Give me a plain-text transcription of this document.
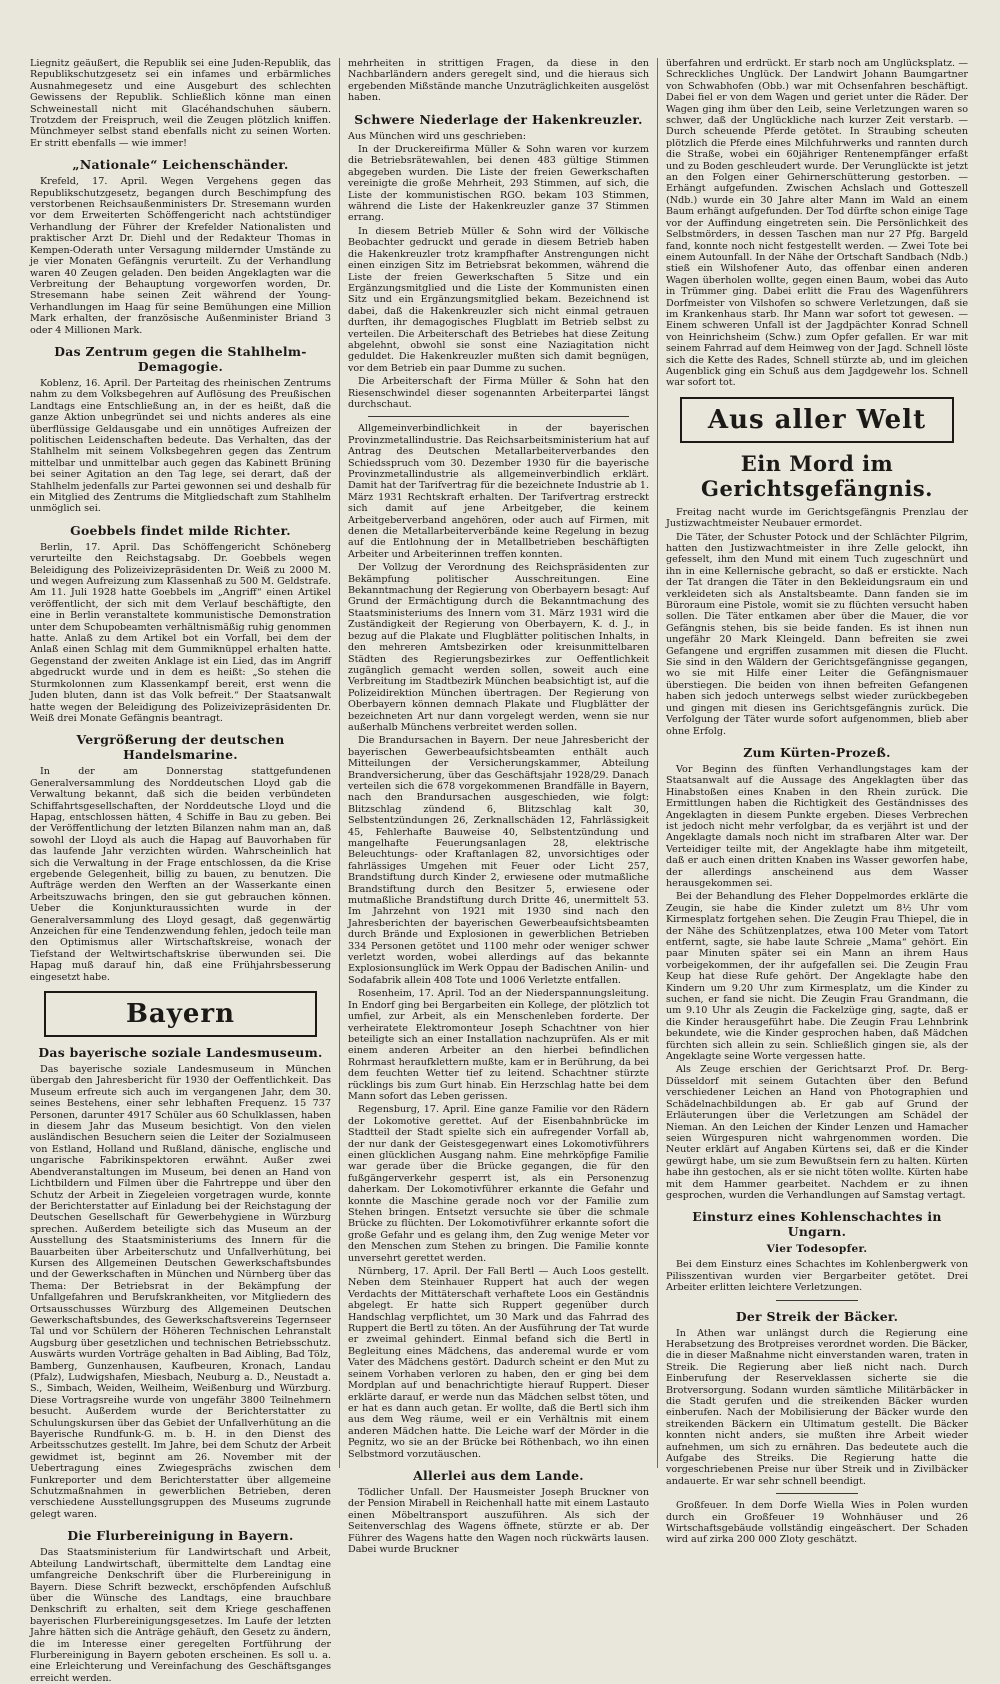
Liegnitz geäußert, die Republik sei eine Juden-Republik, das Republikschutzgesetz sei ein infames und erbärmliches Ausnahmegesetz und eine Ausgeburt des schlechten Gewissens der Republik. Schließlich könne man einen Schweinestall nicht mit Glacéhandschuhen säubern. Trotzdem der Freispruch, weil die Zeugen plötzlich kniffen. Münchmeyer selbst stand ebenfalls nicht zu seinen Worten. Er stritt ebenfalls — wie immer!

„Nationale“ Leichenschänder.

Krefeld, 17. April. Wegen Vergehens gegen das Republikschutzgesetz, begangen durch Beschimpfung des verstorbenen Reichsaußenministers Dr. Stresemann wurden vor dem Erweiterten Schöffengericht nach achtstündiger Verhandlung der Führer der Krefelder Nationalisten und praktischer Arzt Dr. Diehl und der Redakteur Thomas in Kempen-Oderath unter Versagung mildernder Umstände zu je vier Monaten Gefängnis verurteilt. Zu der Verhandlung waren 40 Zeugen geladen. Den beiden Angeklagten war die Verbreitung der Behauptung vorgeworfen worden, Dr. Stresemann habe seinen Zeit während der Young-Verhandlungen im Haag für seine Bemühungen eine Million Mark erhalten, der französische Außenminister Briand 3 oder 4 Millionen Mark.

Das Zentrum gegen die Stahlhelm-Demagogie.

Koblenz, 16. April. Der Parteitag des rheinischen Zentrums nahm zu dem Volksbegehren auf Auflösung des Preußischen Landtags eine Entschließung an, in der es heißt, daß die ganze Aktion unbegründet sei und nichts anderes als eine überflüssige Geldausgabe und ein unnötiges Aufreizen der politischen Leidenschaften bedeute. Das Verhalten, das der Stahlhelm mit seinem Volksbegehren gegen das Zentrum mittelbar und unmittelbar auch gegen das Kabinett Brüning bei seiner Agitation an den Tag lege, sei derart, daß der Stahlhelm jedenfalls zur Partei gewonnen sei und deshalb für ein Mitglied des Zentrums die Mitgliedschaft zum Stahlhelm unmöglich sei.

Goebbels findet milde Richter.

Berlin, 17. April. Das Schöffengericht Schöneberg verurteilte den Reichstagsabg. Dr. Goebbels wegen Beleidigung des Polizeivizepräsidenten Dr. Weiß zu 2000 M. und wegen Aufreizung zum Klassenhaß zu 500 M. Geldstrafe. Am 11. Juli 1928 hatte Goebbels im „Angriff“ einen Artikel veröffentlicht, der sich mit dem Verlauf beschäftigte, den eine in Berlin veranstaltete kommunistische Demonstration unter dem Schupobeamten verhältnismäßig ruhig genommen hatte. Anlaß zu dem Artikel bot ein Vorfall, bei dem der Anlaß einen Schlag mit dem Gummiknüppel erhalten hatte. Gegenstand der zweiten Anklage ist ein Lied, das im Angriff abgedruckt wurde und in dem es heißt: „So stehen die Sturmkolonnen zum Klassenkampf bereit, erst wenn die Juden bluten, dann ist das Volk befreit.“ Der Staatsanwalt hatte wegen der Beleidigung des Polizeivizepräsidenten Dr. Weiß drei Monate Gefängnis beantragt.

Vergrößerung der deutschen Handelsmarine.

In der am Donnerstag stattgefundenen Generalversammlung des Norddeutschen Lloyd gab die Verwaltung bekannt, daß sich die beiden verbündeten Schiffahrtsgesellschaften, der Norddeutsche Lloyd und die Hapag, entschlossen hätten, 4 Schiffe in Bau zu geben. Bei der Veröffentlichung der letzten Bilanzen nahm man an, daß sowohl der Lloyd als auch die Hapag auf Bauvorhaben für das laufende Jahr verzichten würden. Wahrscheinlich hat sich die Verwaltung in der Frage entschlossen, da die Krise ergebende Gelegenheit, billig zu bauen, zu benutzen. Die Aufträge werden den Werften an der Wasserkante einen Arbeitszuwachs bringen, den sie gut gebrauchen können. Ueber die Konjunkturaussichten wurde in der Generalversammlung des Lloyd gesagt, daß gegenwärtig Anzeichen für eine Tendenzwendung fehlen, jedoch teile man den Optimismus aller Wirtschaftskreise, wonach der Tiefstand der Weltwirtschaftskrise überwunden sei. Die Hapag muß darauf hin, daß eine Frühjahrsbesserung eingesetzt habe.

Bayern
Das bayerische soziale Landesmuseum.

Das bayerische soziale Landesmuseum in München übergab den Jahresbericht für 1930 der Oeffentlichkeit. Das Museum erfreute sich auch im vergangenen Jahr, dem 30. seines Bestehens, einer sehr lebhaften Frequenz. 15 737 Personen, darunter 4917 Schüler aus 60 Schulklassen, haben in diesem Jahr das Museum besichtigt. Von den vielen ausländischen Besuchern seien die Leiter der Sozialmuseen von Estland, Holland und Rußland, dänische, englische und ungarische Fabrikinspektoren erwähnt. Außer zwei Abendveranstaltungen im Museum, bei denen an Hand von Lichtbildern und Filmen über die Fahrtreppe und über den Schutz der Arbeit in Ziegeleien vorgetragen wurde, konnte der Berichterstatter auf Einladung bei der Reichstagung der Deutschen Gesellschaft für Gewerbehygiene in Würzburg sprechen. Außerdem beteiligte sich das Museum an der Ausstellung des Staatsministeriums des Innern für die Bauarbeiten über Arbeiterschutz und Unfallverhütung, bei Kursen des Allgemeinen Deutschen Gewerkschaftsbundes und der Gewerkschaften in München und Nürnberg über das Thema: Der Betriebsrat in der Bekämpfung der Unfallgefahren und Berufskrankheiten, vor Mitgliedern des Ortsausschusses Würzburg des Allgemeinen Deutschen Gewerkschaftsbundes, des Gewerkschaftsvereins Tegernseer Tal und vor Schülern der Höheren Technischen Lehranstalt Augsburg über gesetzlichen und technischen Betriebsschutz. Auswärts wurden Vorträge gehalten in Bad Aibling, Bad Tölz, Bamberg, Gunzenhausen, Kaufbeuren, Kronach, Landau (Pfalz), Ludwigshafen, Miesbach, Neuburg a. D., Neustadt a. S., Simbach, Weiden, Weilheim, Weißenburg und Würzburg. Diese Vortragsreihe wurde von ungefähr 3800 Teilnehmern besucht. Außerdem wurde der Berichterstatter zu Schulungskursen über das Gebiet der Unfallverhütung an die Bayerische Rundfunk-G. m. b. H. in den Dienst des Arbeitsschutzes gestellt. Im Jahre, bei dem Schutz der Arbeit gewidmet ist, beginnt am 26. November mit der Uebertragung eines Zwiegesprächs zwischen dem Funkreporter und dem Berichterstatter über allgemeine Schutzmaßnahmen in gewerblichen Betrieben, deren verschiedene Ausstellungsgruppen des Museums zugrunde gelegt waren.

Die Flurbereinigung in Bayern.

Das Staatsministerium für Landwirtschaft und Arbeit, Abteilung Landwirtschaft, übermittelte dem Landtag eine umfangreiche Denkschrift über die Flurbereinigung in Bayern. Diese Schrift bezweckt, erschöpfenden Aufschluß über die Wünsche des Landtags, eine brauchbare Denkschrift zu erhalten, seit dem Kriege geschaffenen bayerischen Flurbereinigungsgesetzes. Im Laufe der letzten Jahre hätten sich die Anträge gehäuft, den Gesetz zu ändern, die im Interesse einer geregelten Fortführung der Flurbereinigung in Bayern geboten erscheinen. Es soll u. a. eine Erleichterung und Vereinfachung des Geschäftsganges erreicht werden.

mehrheiten in strittigen Fragen, da diese in den Nachbarländern anders geregelt sind, und die hieraus sich ergebenden Mißstände manche Unzuträglichkeiten ausgelöst haben.

Schwere Niederlage der Hakenkreuzler.

Aus München wird uns geschrieben:

In der Druckereifirma Müller & Sohn waren vor kurzem die Betriebsrätewahlen, bei denen 483 gültige Stimmen abgegeben wurden. Die Liste der freien Gewerkschaften vereinigte die große Mehrheit, 293 Stimmen, auf sich, die Liste der kommunistischen RGO. bekam 103 Stimmen, während die Liste der Hakenkreuzler ganze 37 Stimmen errang.

In diesem Betrieb Müller & Sohn wird der Völkische Beobachter gedruckt und gerade in diesem Betrieb haben die Hakenkreuzler trotz krampfhafter Anstrengungen nicht einen einzigen Sitz im Betriebsrat bekommen, während die Liste der freien Gewerkschaften 5 Sitze und ein Ergänzungsmitglied und die Liste der Kommunisten einen Sitz und ein Ergänzungsmitglied bekam. Bezeichnend ist dabei, daß die Hakenkreuzler sich nicht einmal getrauen durften, ihr demagogisches Flugblatt im Betrieb selbst zu verteilen. Die Arbeiterschaft des Betriebes hat diese Zeitung abgelehnt, obwohl sie sonst eine Naziagitation nicht geduldet. Die Hakenkreuzler mußten sich damit begnügen, vor dem Betrieb ein paar Dumme zu suchen.

Die Arbeiterschaft der Firma Müller & Sohn hat den Riesenschwindel dieser sogenannten Arbeiterpartei längst durchschaut.

Allgemeinverbindlichkeit in der bayerischen Provinzmetallindustrie. Das Reichsarbeitsministerium hat auf Antrag des Deutschen Metallarbeiterverbandes den Schiedsspruch vom 30. Dezember 1930 für die bayerische Provinzmetallindustrie als allgemeinverbindlich erklärt. Damit hat der Tarifvertrag für die bezeichnete Industrie ab 1. März 1931 Rechtskraft erhalten. Der Tarifvertrag erstreckt sich damit auf jene Arbeitgeber, die keinem Arbeitgeberverband angehören, oder auch auf Firmen, mit denen die Metallarbeiterverbände keine Regelung in bezug auf die Entlohnung der in Metallbetrieben beschäftigten Arbeiter und Arbeiterinnen treffen konnten.

Der Vollzug der Verordnung des Reichspräsidenten zur Bekämpfung politischer Ausschreitungen. Eine Bekanntmachung der Regierung von Oberbayern besagt: Auf Grund der Ermächtigung durch die Bekanntmachung des Staatsministeriums des Innern vom 31. März 1931 wird die Zuständigkeit der Regierung von Oberbayern, K. d. J., in bezug auf die Plakate und Flugblätter politischen Inhalts, in den mehreren Amtsbezirken oder kreisunmittelbaren Städten des Regierungsbezirkes zur Oeffentlichkeit zugänglich gemacht werden sollen, soweit auch eine Verbreitung im Stadtbezirk München beabsichtigt ist, auf die Polizeidirektion München übertragen. Der Regierung von Oberbayern können demnach Plakate und Flugblätter der bezeichneten Art nur dann vorgelegt werden, wenn sie nur außerhalb Münchens verbreitet werden sollen.

Die Brandursachen in Bayern. Der neue Jahresbericht der bayerischen Gewerbeaufsichtsbeamten enthält auch Mitteilungen der Versicherungskammer, Abteilung Brandversicherung, über das Geschäftsjahr 1928/29. Danach verteilen sich die 678 vorgekommenen Brandfälle in Bayern, nach den Brandursachen ausgeschieden, wie folgt: Blitzschlag zündend 6, Blitzschlag kalt 30, Selbstentzündungen 26, Zerknallschäden 12, Fahrlässigkeit 45, Fehlerhafte Bauweise 40, Selbstentzündung und mangelhafte Feuerungsanlagen 28, elektrische Beleuchtungs- oder Kraftanlagen 82, unvorsichtiges oder fahrlässiges Umgehen mit Feuer oder Licht 257, Brandstiftung durch Kinder 2, erwiesene oder mutmaßliche Brandstiftung durch den Besitzer 5, erwiesene oder mutmaßliche Brandstiftung durch Dritte 46, unermittelt 53. Im Jahrzehnt von 1921 mit 1930 sind nach den Jahresberichten der bayerischen Gewerbeaufsichtsbeamten durch Brände und Explosionen in gewerblichen Betrieben 334 Personen getötet und 1100 mehr oder weniger schwer verletzt worden, wobei allerdings auf das bekannte Explosionsunglück im Werk Oppau der Badischen Anilin- und Sodafabrik allein 408 Tote und 1006 Verletzte entfallen.

Rosenheim, 17. April. Tod an der Niederspannungsleitung. In Endorf ging bei Bergarbeiten ein Kollege, der plötzlich tot umfiel, zur Arbeit, als ein Menschenleben forderte. Der verheiratete Elektromonteur Joseph Schachtner von hier beteiligte sich an einer Installation nachzuprüfen. Als er mit einem anderen Arbeiter an den hierbei befindlichen Rohrmast heraufklettern mußte, kam er in Berührung, da bei dem feuchten Wetter tief zu leitend. Schachtner stürzte rücklings bis zum Gurt hinab. Ein Herzschlag hatte bei dem Mann sofort das Leben gerissen.

Regensburg, 17. April. Eine ganze Familie vor den Rädern der Lokomotive gerettet. Auf der Eisenbahnbrücke im Stadtteil der Stadt spielte sich ein aufregender Vorfall ab, der nur dank der Geistesgegenwart eines Lokomotivführers einen glücklichen Ausgang nahm. Eine mehrköpfige Familie war gerade über die Brücke gegangen, die für den fußgängerverkehr gesperrt ist, als ein Personenzug daherkam. Der Lokomotivführer erkannte die Gefahr und konnte die Maschine gerade noch vor der Familie zum Stehen bringen. Entsetzt versuchte sie über die schmale Brücke zu flüchten. Der Lokomotivführer erkannte sofort die große Gefahr und es gelang ihm, den Zug wenige Meter vor den Menschen zum Stehen zu bringen. Die Familie konnte unversehrt gerettet werden.

Nürnberg, 17. April. Der Fall Bertl — Auch Loos gestellt. Neben dem Steinhauer Ruppert hat auch der wegen Verdachts der Mittäterschaft verhaftete Loos ein Geständnis abgelegt. Er hatte sich Ruppert gegenüber durch Handschlag verpflichtet, um 30 Mark und das Fahrrad des Ruppert die Bertl zu töten. An der Ausführung der Tat wurde er zweimal gehindert. Einmal befand sich die Bertl in Begleitung eines Mädchens, das anderemal wurde er vom Vater des Mädchens gestört. Dadurch scheint er den Mut zu seinem Vorhaben verloren zu haben, den er ging bei dem Mordplan auf und benachrichtigte hierauf Ruppert. Dieser erklärte darauf, er werde nun das Mädchen selbst töten, und er hat es dann auch getan. Er wollte, daß die Bertl sich ihm aus dem Weg räume, weil er ein Verhältnis mit einem anderen Mädchen hatte. Die Leiche warf der Mörder in die Pegnitz, wo sie an der Brücke bei Röthenbach, wo ihn einen Selbstmord vorzutäuschen.

Allerlei aus dem Lande.

Tödlicher Unfall. Der Hausmeister Joseph Bruckner von der Pension Mirabell in Reichenhall hatte mit einem Lastauto einen Möbeltransport auszuführen. Als sich der Seitenverschlag des Wagens öffnete, stürzte er ab. Der Führer des Wagens hatte den Wagen noch rückwärts lausen. Dabei wurde Bruckner

überfahren und erdrückt. Er starb noch am Unglücksplatz. — Schreckliches Unglück. Der Landwirt Johann Baumgartner von Schwabhofen (Obb.) war mit Ochsenfahren beschäftigt. Dabei fiel er von dem Wagen und geriet unter die Räder. Der Wagen ging ihm über den Leib, seine Verletzungen waren so schwer, daß der Unglückliche nach kurzer Zeit verstarb. — Durch scheuende Pferde getötet. In Straubing scheuten plötzlich die Pferde eines Milchfuhrwerks und rannten durch die Straße, wobei ein 60jähriger Rentenempfänger erfaßt und zu Boden geschleudert wurde. Der Verunglückte ist jetzt an den Folgen einer Gehirnerschütterung gestorben. — Erhängt aufgefunden. Zwischen Achslach und Gotteszell (Ndb.) wurde ein 30 Jahre alter Mann im Wald an einem Baum erhängt aufgefunden. Der Tod dürfte schon einige Tage vor der Auffindung eingetreten sein. Die Persönlichkeit des Selbstmörders, in dessen Taschen man nur 27 Pfg. Bargeld fand, konnte noch nicht festgestellt werden. — Zwei Tote bei einem Autounfall. In der Nähe der Ortschaft Sandbach (Ndb.) stieß ein Wilshofener Auto, das offenbar einen anderen Wagen überholen wollte, gegen einen Baum, wobei das Auto in Trümmer ging. Dabei erlitt die Frau des Wagenführers Dorfmeister von Vilshofen so schwere Verletzungen, daß sie im Krankenhaus starb. Ihr Mann war sofort tot gewesen. — Einem schweren Unfall ist der Jagdpächter Konrad Schnell von Heinrichsheim (Schw.) zum Opfer gefallen. Er war mit seinem Fahrrad auf dem Heimweg von der Jagd. Schnell löste sich die Kette des Rades, Schnell stürzte ab, und im gleichen Augenblick ging ein Schuß aus dem Jagdgewehr los. Schnell war sofort tot.

Aus aller Welt
Ein Mord im Gerichtsgefängnis.

Freitag nacht wurde im Gerichtsgefängnis Prenzlau der Justizwachtmeister Neubauer ermordet.

Die Täter, der Schuster Potock und der Schlächter Pilgrim, hatten den Justizwachtmeister in ihre Zelle gelockt, ihn gefesselt, ihm den Mund mit einem Tuch zugeschnürt und ihn in eine Kellernische gebracht, so daß er erstickte. Nach der Tat drangen die Täter in den Bekleidungsraum ein und verkleideten sich als Anstaltsbeamte. Dann fanden sie im Büroraum eine Pistole, womit sie zu flüchten versucht haben sollen. Die Täter entkamen aber über die Mauer, die vor Gefängnis stehen, bis sie beide fanden. Es ist ihnen nun ungefähr 20 Mark Kleingeld. Dann befreiten sie zwei Gefangene und ergriffen zusammen mit diesen die Flucht. Sie sind in den Wäldern der Gerichtsgefängnisse gegangen, wo sie mit Hilfe einer Leiter die Gefängnismauer überstiegen. Die beiden von ihnen befreiten Gefangenen haben sich jedoch unterwegs selbst wieder zurückbegeben und gingen mit diesen ins Gerichtsgefängnis zurück. Die Verfolgung der Täter wurde sofort aufgenommen, blieb aber ohne Erfolg.

Zum Kürten-Prozeß.

Vor Beginn des fünften Verhandlungstages kam der Staatsanwalt auf die Aussage des Angeklagten über das Hinabstoßen eines Knaben in den Rhein zurück. Die Ermittlungen haben die Richtigkeit des Geständnisses des Angeklagten in diesem Punkte ergeben. Dieses Verbrechen ist jedoch nicht mehr verfolgbar, da es verjährt ist und der Angeklagte damals noch nicht im strafbaren Alter war. Der Verteidiger teilte mit, der Angeklagte habe ihm mitgeteilt, daß er auch einen dritten Knaben ins Wasser geworfen habe, der allerdings anscheinend aus dem Wasser herausgekommen sei.

Bei der Behandlung des Fleher Doppelmordes erklärte die Zeugin, sie habe die Kinder zuletzt um 8½ Uhr vom Kirmesplatz fortgehen sehen. Die Zeugin Frau Thiepel, die in der Nähe des Schützenplatzes, etwa 100 Meter vom Tatort entfernt, sagte, sie habe laute Schreie „Mama“ gehört. Ein paar Minuten später sei ein Mann an ihrem Haus vorbeigekommen, der ihr aufgefallen sei. Die Zeugin Frau Keup hat diese Rufe gehört. Der Angeklagte habe den Kindern um 9.20 Uhr zum Kirmesplatz, um die Kinder zu suchen, er fand sie nicht. Die Zeugin Frau Grandmann, die um 9.10 Uhr als Zeugin die Fackelzüge ging, sagte, daß er die Kinder herausgeführt habe. Die Zeugin Frau Lehnbrink bekundete, wie die Kinder gesprochen haben, daß Mädchen fürchten sich allein zu sein. Schließlich gingen sie, als der Angeklagte seine Worte vergessen hatte.

Als Zeuge erschien der Gerichtsarzt Prof. Dr. Berg-Düsseldorf mit seinem Gutachten über den Befund verschiedener Leichen an Hand von Photographien und Schädelnachbildungen ab. Er gab auf Grund der Erläuterungen über die Verletzungen am Schädel der Nieman. An den Leichen der Kinder Lenzen und Hamacher seien Würgespuren nicht wahrgenommen worden. Die Neuter erklärt auf Angaben Kürtens sei, daß er die Kinder gewürgt habe, um sie zum Bewußtsein fern zu halten. Kürten habe ihn gestochen, als er sie nicht töten wollte. Kürten habe mit dem Hammer gearbeitet. Nachdem er zu ihnen gesprochen, wurden die Verhandlungen auf Samstag vertagt.

Einsturz eines Kohlenschachtes in Ungarn.
Vier Todesopfer.

Bei dem Einsturz eines Schachtes im Kohlenbergwerk von Pilisszentivan wurden vier Bergarbeiter getötet. Drei Arbeiter erlitten leichtere Verletzungen.

Der Streik der Bäcker.

In Athen war unlängst durch die Regierung eine Herabsetzung des Brotpreises verordnet worden. Die Bäcker, die in dieser Maßnahme nicht einverstanden waren, traten in Streik. Die Regierung aber ließ nicht nach. Durch Einberufung der Reserveklassen sicherte sie die Brotversorgung. Sodann wurden sämtliche Militärbäcker in die Stadt gerufen und die streikenden Bäcker wurden einberufen. Nach der Mobilisierung der Bäcker wurde den streikenden Bäckern ein Ultimatum gestellt. Die Bäcker konnten nicht anders, sie mußten ihre Arbeit wieder aufnehmen, um sich zu ernähren. Das bedeutete auch die Aufgabe des Streiks. Die Regierung hatte die vorgeschriebenen Preise nur über Streik und in Zivilbäcker andauerte. Er war sehr schnell beendigt.

Großfeuer. In dem Dorfe Wiella Wies in Polen wurden durch ein Großfeuer 19 Wohnhäuser und 26 Wirtschaftsgebäude vollständig eingeäschert. Der Schaden wird auf zirka 200 000 Zloty geschätzt.
